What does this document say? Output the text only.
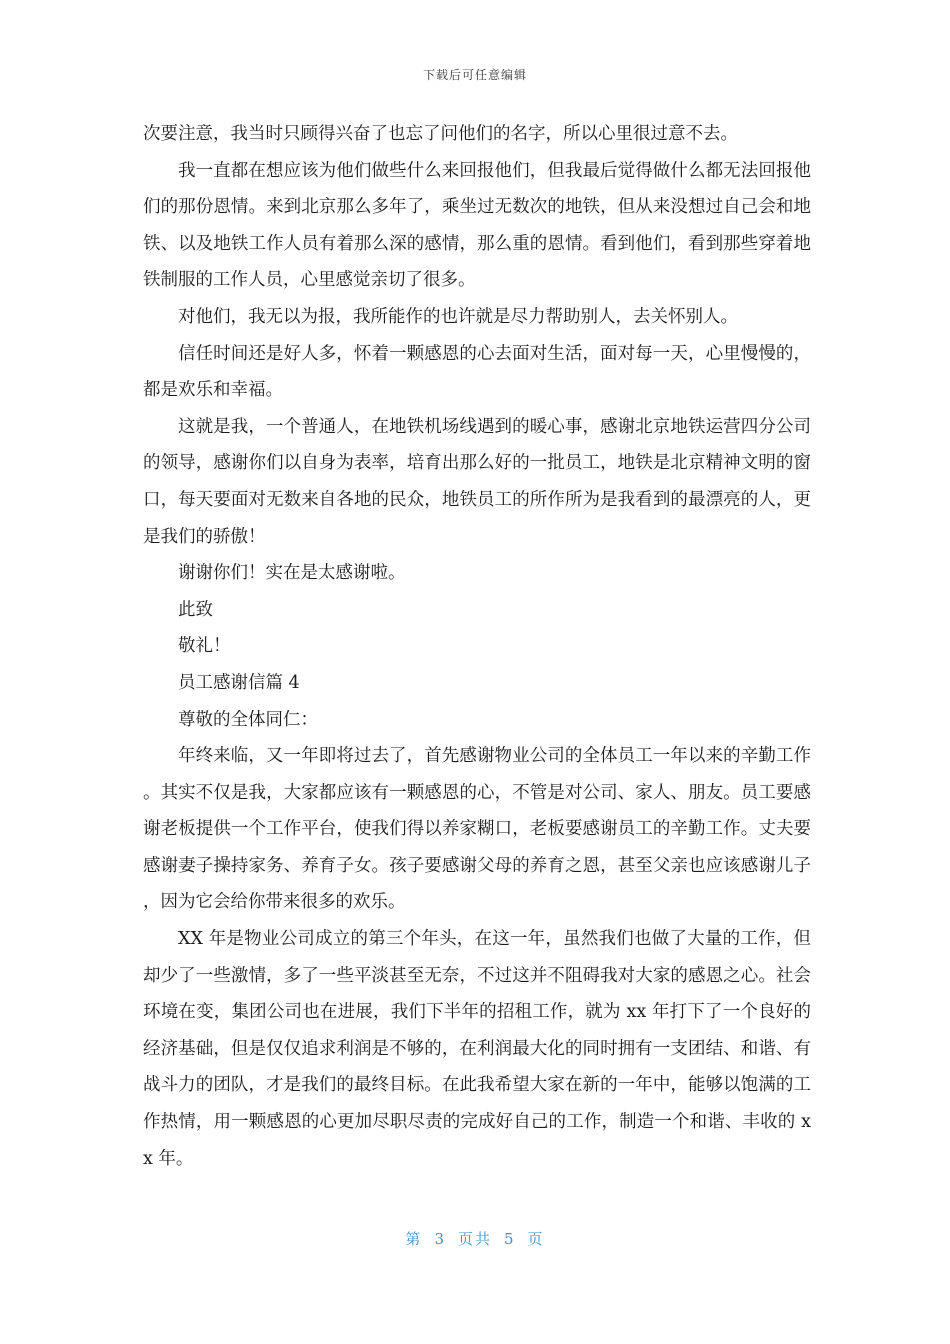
下载后可任意编辑

次要注意，我当时只顾得兴奋了也忘了问他们的名字，所以心里很过意不去。

我一直都在想应该为他们做些什么来回报他们，但我最后觉得做什么都无法回报他们的那份恩情。来到北京那么多年了，乘坐过无数次的地铁，但从来没想过自己会和地铁、以及地铁工作人员有着那么深的感情，那么重的恩情。看到他们，看到那些穿着地铁制服的工作人员，心里感觉亲切了很多。

对他们，我无以为报，我所能作的也许就是尽力帮助别人，去关怀别人。

信任时间还是好人多，怀着一颗感恩的心去面对生活，面对每一天，心里慢慢的，都是欢乐和幸福。

这就是我，一个普通人，在地铁机场线遇到的暖心事，感谢北京地铁运营四分公司的领导，感谢你们以自身为表率，培育出那么好的一批员工，地铁是北京精神文明的窗口，每天要面对无数来自各地的民众，地铁员工的所作所为是我看到的最漂亮的人，更是我们的骄傲！

谢谢你们！实在是太感谢啦。

此致

敬礼！

员工感谢信篇 4

尊敬的全体同仁：

年终来临，又一年即将过去了，首先感谢物业公司的全体员工一年以来的辛勤工作。其实不仅是我，大家都应该有一颗感恩的心，不管是对公司、家人、朋友。员工要感谢老板提供一个工作平台，使我们得以养家糊口，老板要感谢员工的辛勤工作。丈夫要感谢妻子操持家务、养育子女。孩子要感谢父母的养育之恩，甚至父亲也应该感谢儿子，因为它会给你带来很多的欢乐。

XX 年是物业公司成立的第三个年头，在这一年，虽然我们也做了大量的工作，但却少了一些激情，多了一些平淡甚至无奈，不过这并不阻碍我对大家的感恩之心。社会环境在变，集团公司也在进展，我们下半年的招租工作，就为 xx 年打下了一个良好的经济基础，但是仅仅追求利润是不够的，在利润最大化的同时拥有一支团结、和谐、有战斗力的团队，才是我们的最终目标。在此我希望大家在新的一年中，能够以饱满的工作热情，用一颗感恩的心更加尽职尽责的完成好自己的工作，制造一个和谐、丰收的 xx 年。

第 3 页共 5 页
